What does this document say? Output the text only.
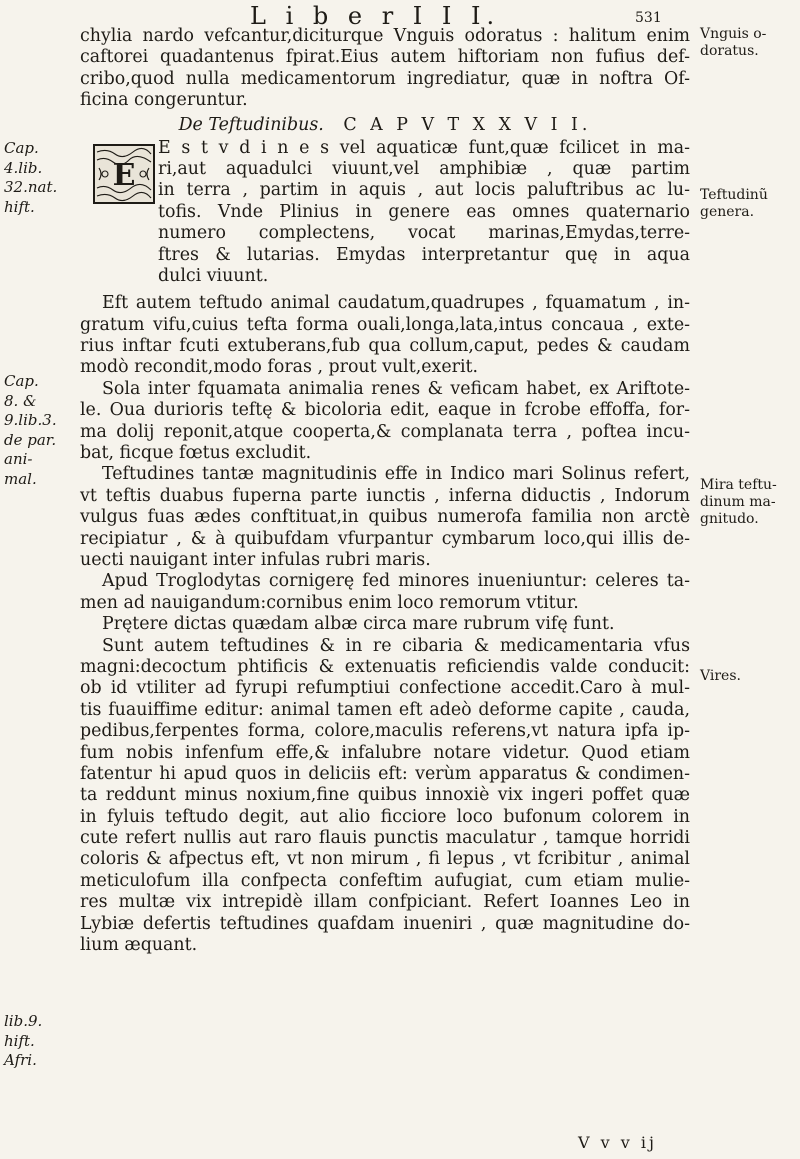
L i b e r I I I.	531
chylia nardo vefcantur,diciturque Vnguis odoratus : halitum enim
caftorei quadantenus fpirat.Eius autem hiftoriam non fufius def-
cribo,quod nulla medicamentorum ingrediatur, quæ in noftra Of-
ficina congeruntur.
De Teftudinibus. C A P V T X X V I I.
E s t v d i n e s vel aquaticæ funt,quæ fcilicet in ma-
ri,aut aquadulci viuunt,vel amphibiæ , quæ partim
in terra , partim in aquis , aut locis paluftribus ac lu-
tofis. Vnde Plinius in genere eas omnes quaternario
numero complectens, vocat marinas,Emydas,terre-
ftres & lutarias. Emydas interpretantur quę in aqua
dulci viuunt.
Eft autem teftudo animal caudatum,quadrupes , fquamatum , in-
gratum vifu,cuius tefta forma ouali,longa,lata,intus concaua , exte-
rius inftar fcuti extuberans,fub qua collum,caput, pedes & caudam
modò recondit,modo foras , prout vult,exerit.
Sola inter fquamata animalia renes & veficam habet, ex Ariftote-
le. Oua durioris teftę & bicoloria edit, eaque in fcrobe effoffa, for-
ma dolij reponit,atque cooperta,& complanata terra , poftea incu-
bat, ficque fœtus excludit.
Teftudines tantæ magnitudinis effe in Indico mari Solinus refert,
vt teftis duabus fuperna parte iunctis , inferna diductis , Indorum
vulgus fuas ædes conftituat,in quibus numerofa familia non arctè
recipiatur , & à quibufdam vfurpantur cymbarum loco,qui illis de-
uecti nauigant inter infulas rubri maris.
Apud Troglodytas cornigerę fed minores inueniuntur: celeres ta-
men ad nauigandum:cornibus enim loco remorum vtitur.
Prętere dictas quædam albæ circa mare rubrum vifę funt.
Sunt autem teftudines & in re cibaria & medicamentaria vfus
magni:decoctum phtificis & extenuatis reficiendis valde conducit:
ob id vtiliter ad fyrupi refumptiui confectione accedit.Caro à mul-
tis fuauiffime editur: animal tamen eft adeò deforme capite , cauda,
pedibus,ferpentes forma, colore,maculis referens,vt natura ipfa ip-
fum nobis infenfum effe,& infalubre notare videtur. Quod etiam
fatentur hi apud quos in deliciis eft: verùm apparatus & condimen-
ta reddunt minus noxium,fine quibus innoxiè vix ingeri poffet quæ
in fyluis teftudo degit, aut alio ficciore loco bufonum colorem in
cute refert nullis aut raro flauis punctis maculatur , tamque horridi
coloris & afpectus eft, vt non mirum , fi lepus , vt fcribitur , animal
meticulofum illa confpecta confeftim aufugiat, cum etiam mulie-
res multæ vix intrepidè illam confpiciant. Refert Ioannes Leo in
Lybiæ defertis teftudines quafdam inueniri , quæ magnitudine do-
lium æquant.
E
Cap.
4.lib.
32.nat.
hift.
Cap.
8. &
9.lib.3.
de par.
ani-
mal.
lib.9.
hift.
Afri.
Vnguis o-
doratus.
Teftudinũ
genera.
Mira teftu-
dinum ma-
gnitudo.
Vires.
V v v ij
